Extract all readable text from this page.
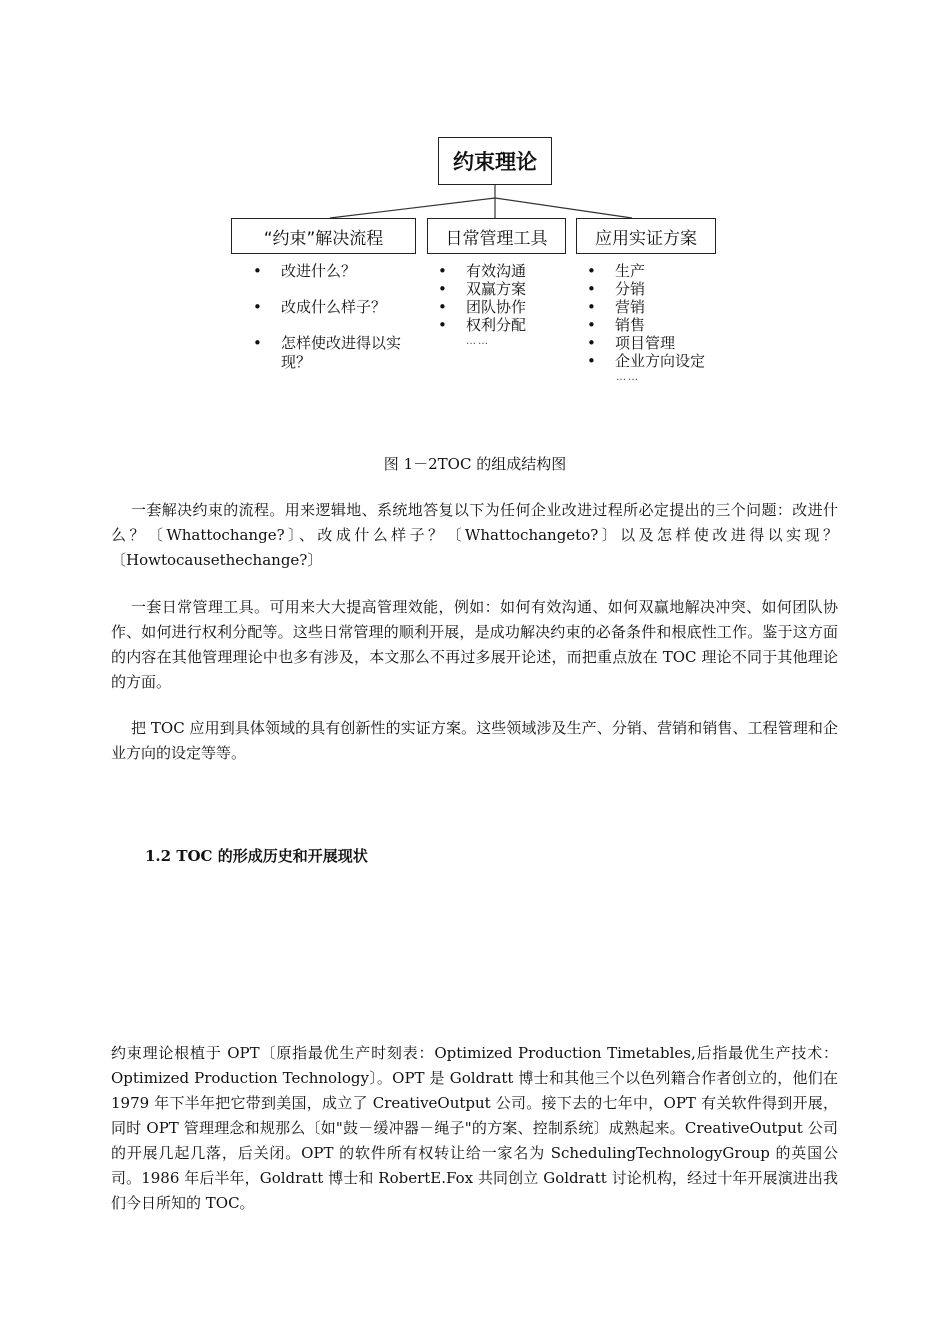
约束理论
“约束”解决流程	日常管理工具	应用实证方案
• 改进什么？
• 改成什么样子？
• 怎样使改进得以实现？
• 有效沟通
• 双赢方案
• 团队协作
• 权利分配
……
• 生产
• 分销
• 营销
• 销售
• 项目管理
• 企业方向设定
……
图 1－2TOC 的组成结构图

一套解决约束的流程。用来逻辑地、系统地答复以下为任何企业改进过程所必定提出的三个问题：改进什么？〔Whattochange?〕、改成什么样子？〔Whattochangeto?〕以及怎样使改进得以实现？〔Howtocausethechange?〕

一套日常管理工具。可用来大大提高管理效能，例如：如何有效沟通、如何双赢地解决冲突、如何团队协作、如何进行权利分配等。这些日常管理的顺利开展，是成功解决约束的必备条件和根底性工作。鉴于这方面的内容在其他管理理论中也多有涉及，本文那么不再过多展开论述，而把重点放在 TOC 理论不同于其他理论的方面。

把 TOC 应用到具体领域的具有创新性的实证方案。这些领域涉及生产、分销、营销和销售、工程管理和企业方向的设定等等。

1.2 TOC 的形成历史和开展现状

约束理论根植于 OPT〔原指最优生产时刻表：Optimized Production Timetables,后指最优生产技术：Optimized Production Technology〕。OPT 是 Goldratt 博士和其他三个以色列籍合作者创立的，他们在 1979 年下半年把它带到美国，成立了 CreativeOutput 公司。接下去的七年中，OPT 有关软件得到开展，同时 OPT 管理理念和规那么〔如"鼓－缓冲器－绳子"的方案、控制系统〕成熟起来。CreativeOutput 公司的开展几起几落，后关闭。OPT 的软件所有权转让给一家名为 SchedulingTechnologyGroup 的英国公司。1986 年后半年，Goldratt 博士和 RobertE.Fox 共同创立 Goldratt 讨论机构，经过十年开展演进出我们今日所知的 TOC。
